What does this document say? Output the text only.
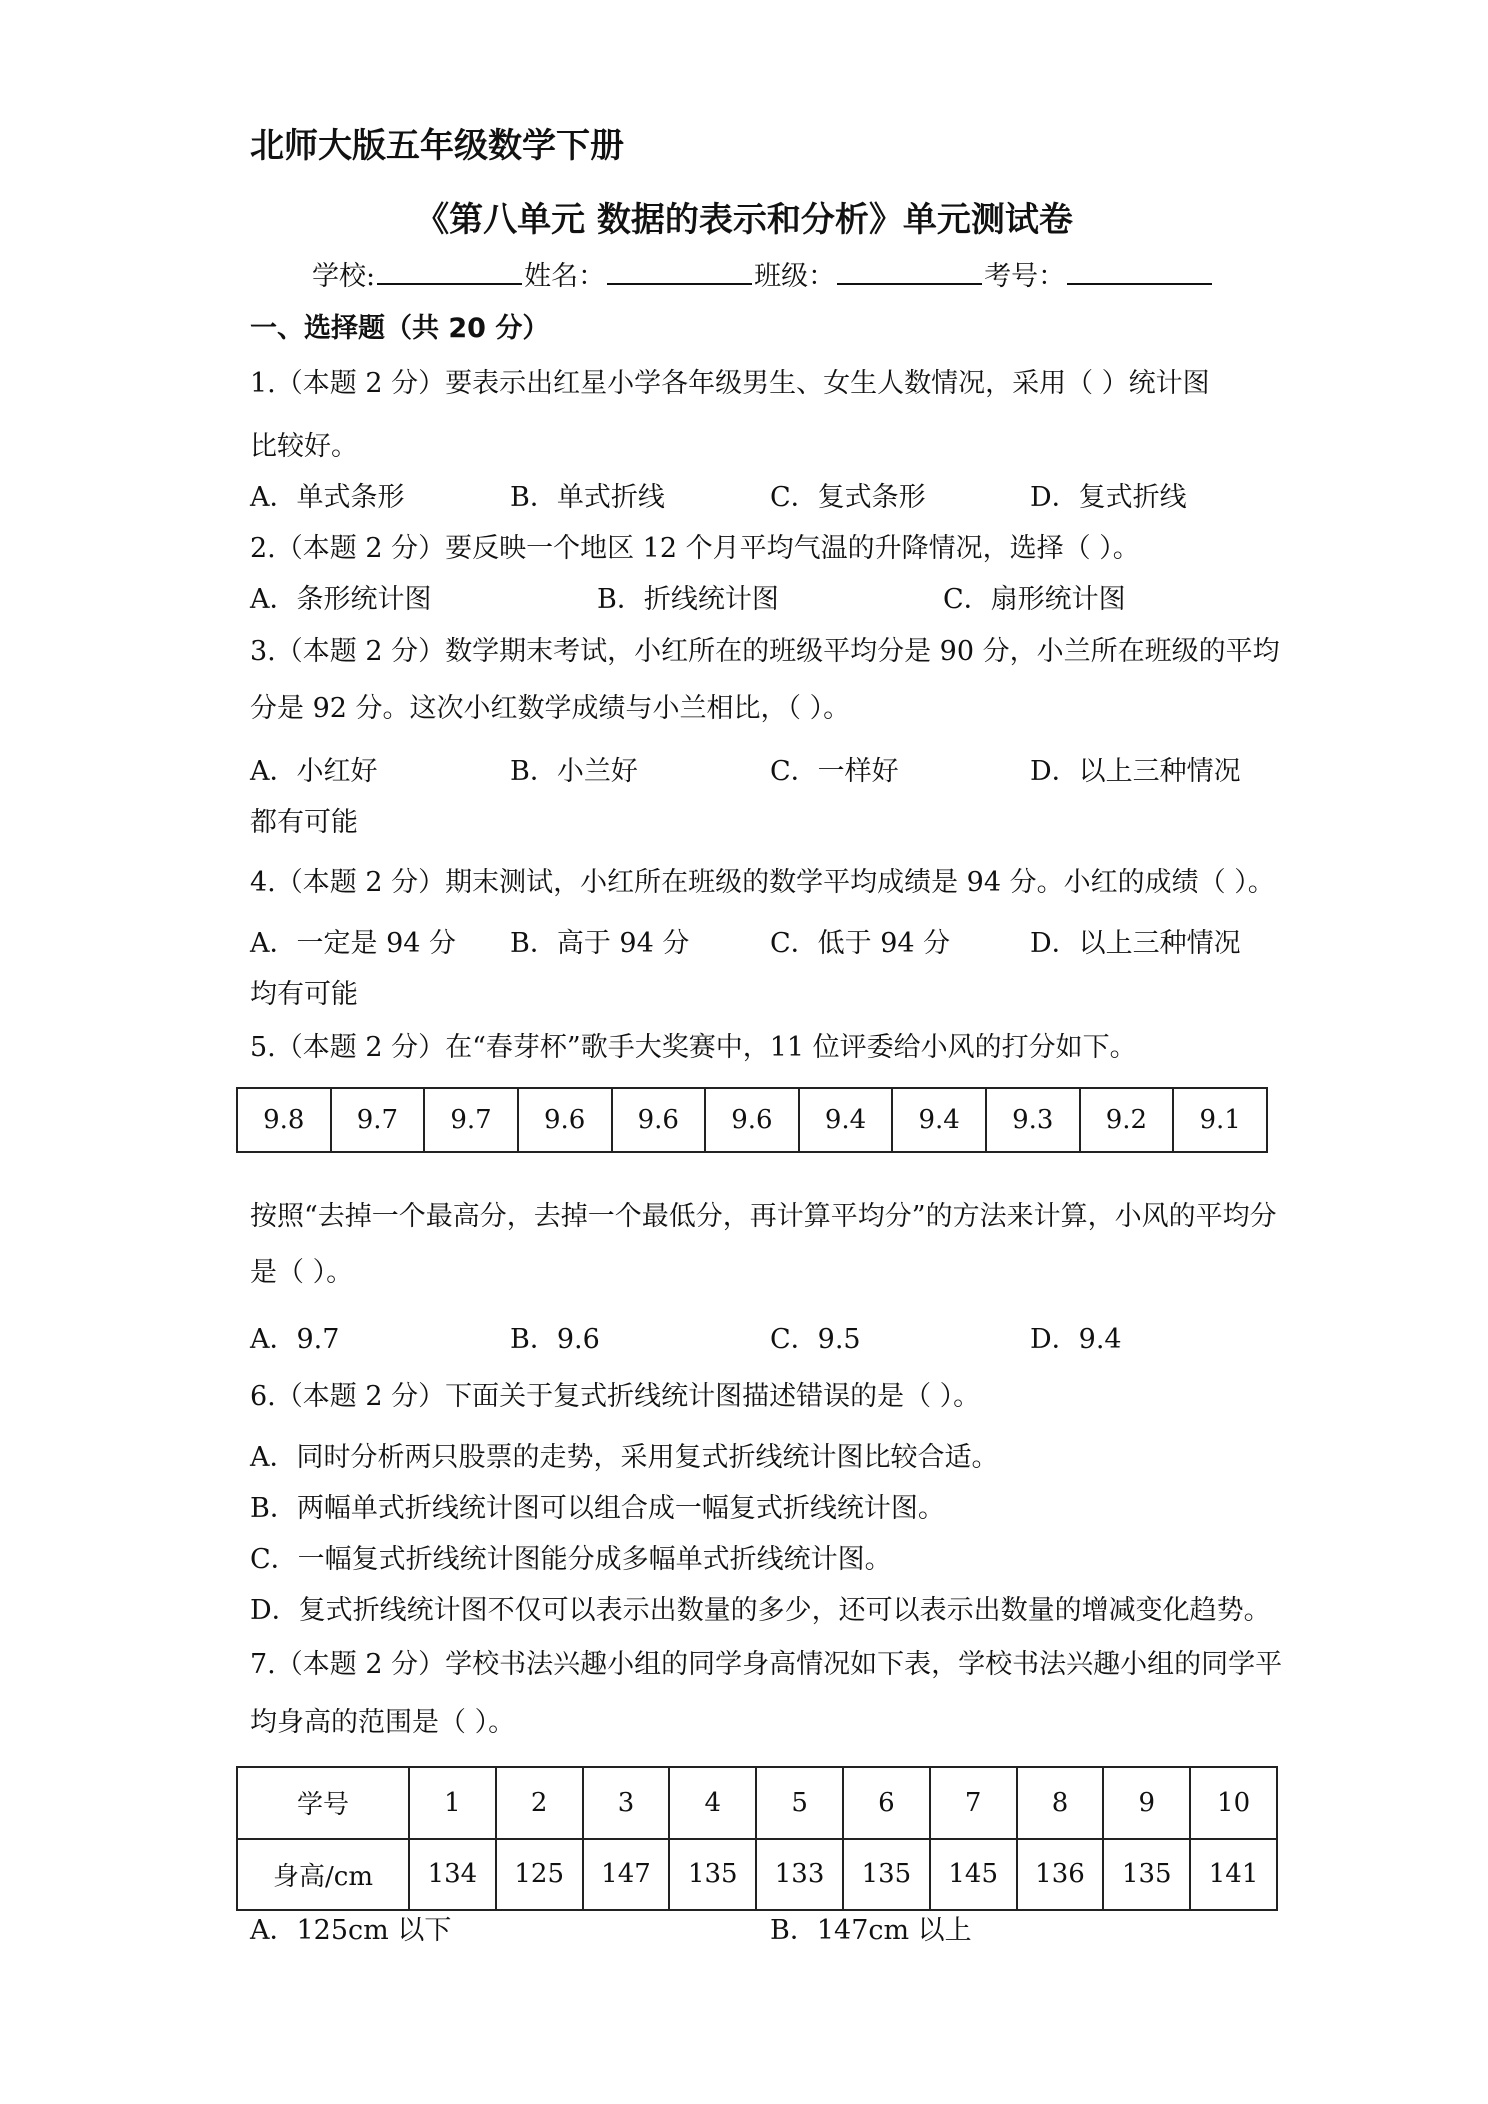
北师大版五年级数学下册
《第八单元 数据的表示和分析》单元测试卷
学校:	姓名：	班级：	考号：
一、选择题（共 20 分）
1.（本题 2 分）要表示出红星小学各年级男生、女生人数情况，采用（ ）统计图
比较好。
A．单式条形	B．单式折线	C．复式条形	D．复式折线
2.（本题 2 分）要反映一个地区 12 个月平均气温的升降情况，选择（ ）。
A．条形统计图	B．折线统计图	C．扇形统计图
3.（本题 2 分）数学期末考试，小红所在的班级平均分是 90 分，小兰所在班级的平均
分是 92 分。这次小红数学成绩与小兰相比，（ ）。
A．小红好	B．小兰好	C．一样好	D．以上三种情况
都有可能
4.（本题 2 分）期末测试，小红所在班级的数学平均成绩是 94 分。小红的成绩（ ）。
A．一定是 94 分 B．高于 94 分	C．低于 94 分	D．以上三种情况
均有可能
5.（本题 2 分）在“春芽杯”歌手大奖赛中，11 位评委给小风的打分如下。
9.8	9.7	9.7	9.6	9.6	9.6	9.4	9.4	9.3	9.2	9.1
按照“去掉一个最高分，去掉一个最低分，再计算平均分”的方法来计算，小风的平均分
是（ ）。
A．9.7	B．9.6	C．9.5	D．9.4
6.（本题 2 分）下面关于复式折线统计图描述错误的是（ ）。
A．同时分析两只股票的走势，采用复式折线统计图比较合适。
B．两幅单式折线统计图可以组合成一幅复式折线统计图。
C．一幅复式折线统计图能分成多幅单式折线统计图。
D．复式折线统计图不仅可以表示出数量的多少，还可以表示出数量的增减变化趋势。
7.（本题 2 分）学校书法兴趣小组的同学身高情况如下表，学校书法兴趣小组的同学平
均身高的范围是（ ）。
学号	1	2	3	4	5	6	7	8	9	10
身高/cm	134	125	147	135	133	135	145	136	135	141
A．125cm 以下	B．147cm 以上
